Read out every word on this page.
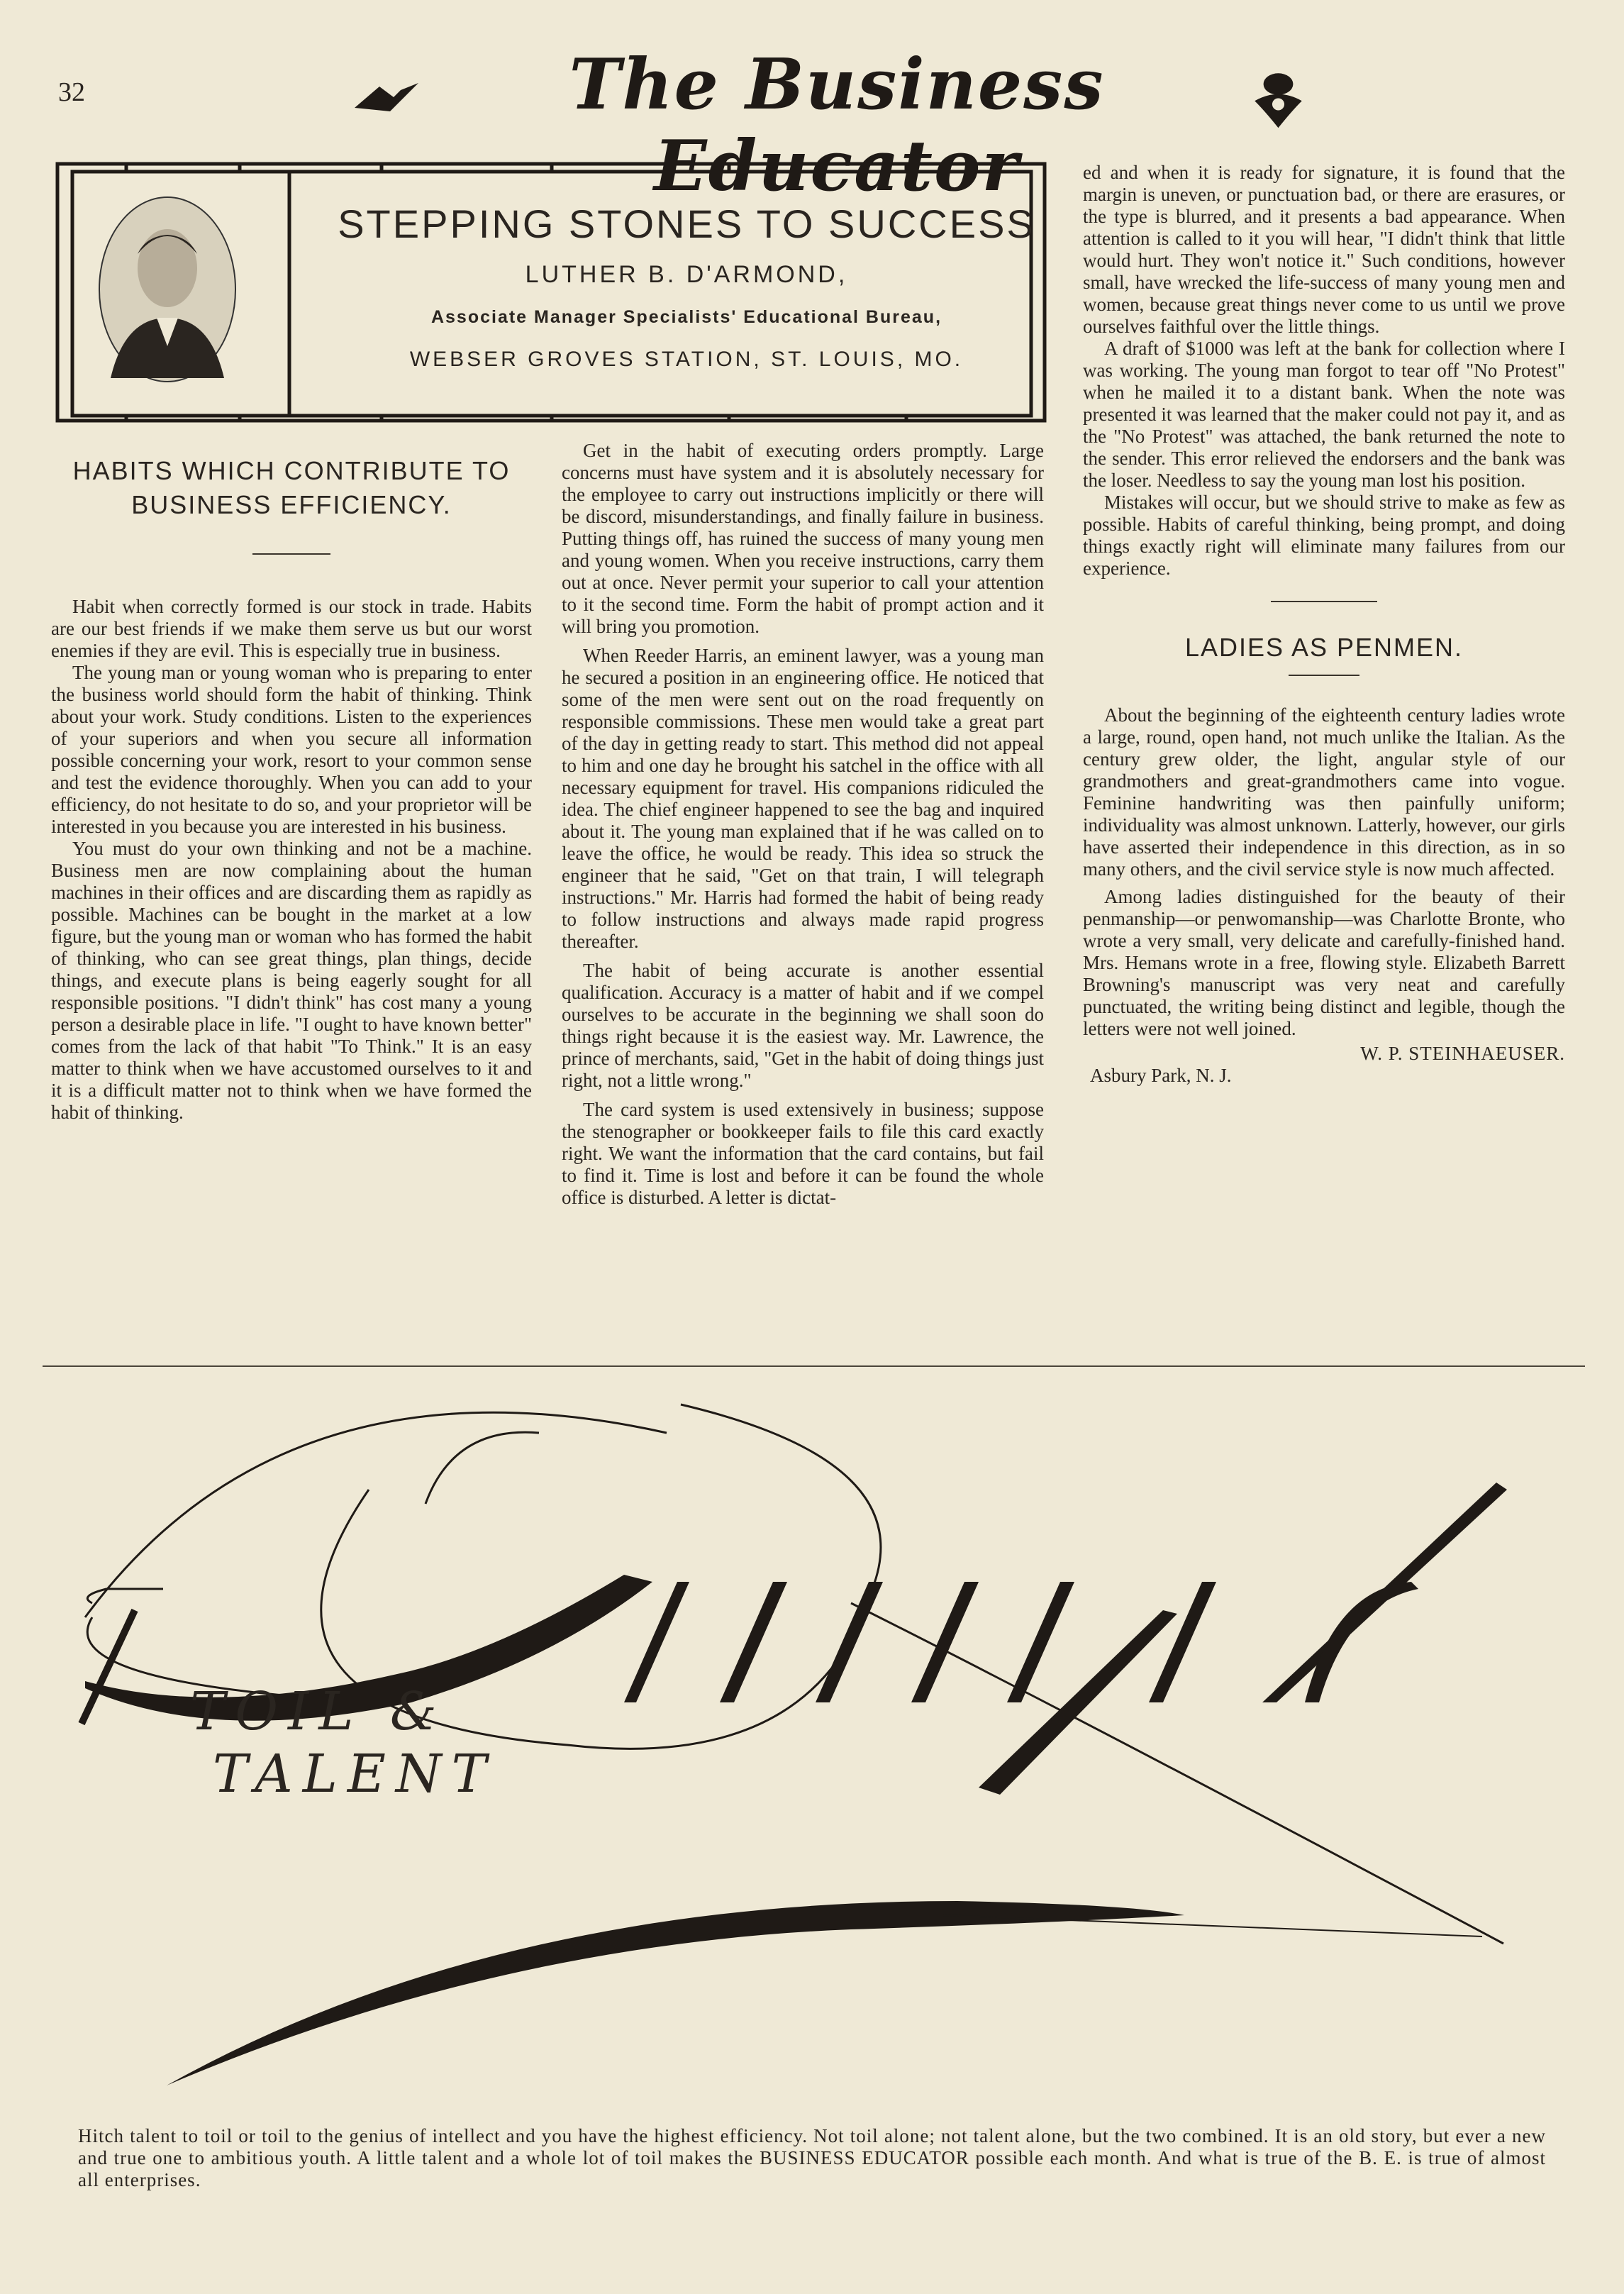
32	The Business Educator
STEPPING STONES TO SUCCESS
LUTHER B. D'ARMOND,
Associate Manager Specialists' Educational Bureau,
WEBSER GROVES STATION, ST. LOUIS, MO.
HABITS WHICH CONTRIBUTE TO BUSINESS EFFICIENCY.

Habit when correctly formed is our stock in trade. Habits are our best friends if we make them serve us but our worst enemies if they are evil. This is especially true in business.

The young man or young woman who is preparing to enter the business world should form the habit of thinking. Think about your work. Study conditions. Listen to the experiences of your superiors and when you secure all information possible concerning your work, resort to your common sense and test the evidence thoroughly. When you can add to your efficiency, do not hesitate to do so, and your proprietor will be interested in you because you are interested in his business.

You must do your own thinking and not be a machine. Business men are now complaining about the human machines in their offices and are discarding them as rapidly as possible. Machines can be bought in the market at a low figure, but the young man or woman who has formed the habit of thinking, who can see great things, plan things, decide things, and execute plans is being eagerly sought for all responsible positions. "I didn't think" has cost many a young person a desirable place in life. "I ought to have known better" comes from the lack of that habit "To Think." It is an easy matter to think when we have accustomed ourselves to it and it is a difficult matter not to think when we have formed the habit of thinking.

Get in the habit of executing orders promptly. Large concerns must have system and it is absolutely necessary for the employee to carry out instructions implicitly or there will be discord, misunderstandings, and finally failure in business. Putting things off, has ruined the success of many young men and young women. When you receive instructions, carry them out at once. Never permit your superior to call your attention to it the second time. Form the habit of prompt action and it will bring you promotion.

When Reeder Harris, an eminent lawyer, was a young man he secured a position in an engineering office. He noticed that some of the men were sent out on the road frequently on responsible commissions. These men would take a great part of the day in getting ready to start. This method did not appeal to him and one day he brought his satchel in the office with all necessary equipment for travel. His companions ridiculed the idea. The chief engineer happened to see the bag and inquired about it. The young man explained that if he was called on to leave the office, he would be ready. This idea so struck the engineer that he said, "Get on that train, I will telegraph instructions." Mr. Harris had formed the habit of being ready to follow instructions and always made rapid progress thereafter.

The habit of being accurate is another essential qualification. Accuracy is a matter of habit and if we compel ourselves to be accurate in the beginning we shall soon do things right because it is the easiest way. Mr. Lawrence, the prince of merchants, said, "Get in the habit of doing things just right, not a little wrong."

The card system is used extensively in business; suppose the stenographer or bookkeeper fails to file this card exactly right. We want the information that the card contains, but fail to find it. Time is lost and before it can be found the whole office is disturbed. A letter is dictat-

ed and when it is ready for signature, it is found that the margin is uneven, or punctuation bad, or there are erasures, or the type is blurred, and it presents a bad appearance. When attention is called to it you will hear, "I didn't think that little would hurt. They won't notice it." Such conditions, however small, have wrecked the life-success of many young men and women, because great things never come to us until we prove ourselves faithful over the little things.

A draft of $1000 was left at the bank for collection where I was working. The young man forgot to tear off "No Protest" when he mailed it to a distant bank. When the note was presented it was learned that the maker could not pay it, and as the "No Protest" was attached, the bank returned the note to the sender. This error relieved the endorsers and the bank was the loser. Needless to say the young man lost his position.

Mistakes will occur, but we should strive to make as few as possible. Habits of careful thinking, being prompt, and doing things exactly right will eliminate many failures from our experience.

LADIES AS PENMEN.

About the beginning of the eighteenth century ladies wrote a large, round, open hand, not much unlike the Italian. As the century grew older, the light, angular style of our grandmothers and great-grandmothers came into vogue. Feminine handwriting was then painfully uniform; individuality was almost unknown. Latterly, however, our girls have asserted their independence in this direction, as in so many others, and the civil service style is now much affected.

Among ladies distinguished for the beauty of their penmanship—or penwomanship—was Charlotte Bronte, who wrote a very small, very delicate and carefully-finished hand. Mrs. Hemans wrote in a free, flowing style. Elizabeth Barrett Browning's manuscript was very neat and carefully punctuated, the writing being distinct and legible, though the letters were not well joined.

W. P. STEINHAEUSER.

Asbury Park, N. J.

TOIL &
TALENT
Hitch talent to toil or toil to the genius of intellect and you have the highest efficiency. Not toil alone; not talent alone, but the two combined. It is an old story, but ever a new and true one to ambitious youth. A little talent and a whole lot of toil makes the BUSINESS EDUCATOR possible each month. And what is true of the B. E. is true of almost all enterprises.
